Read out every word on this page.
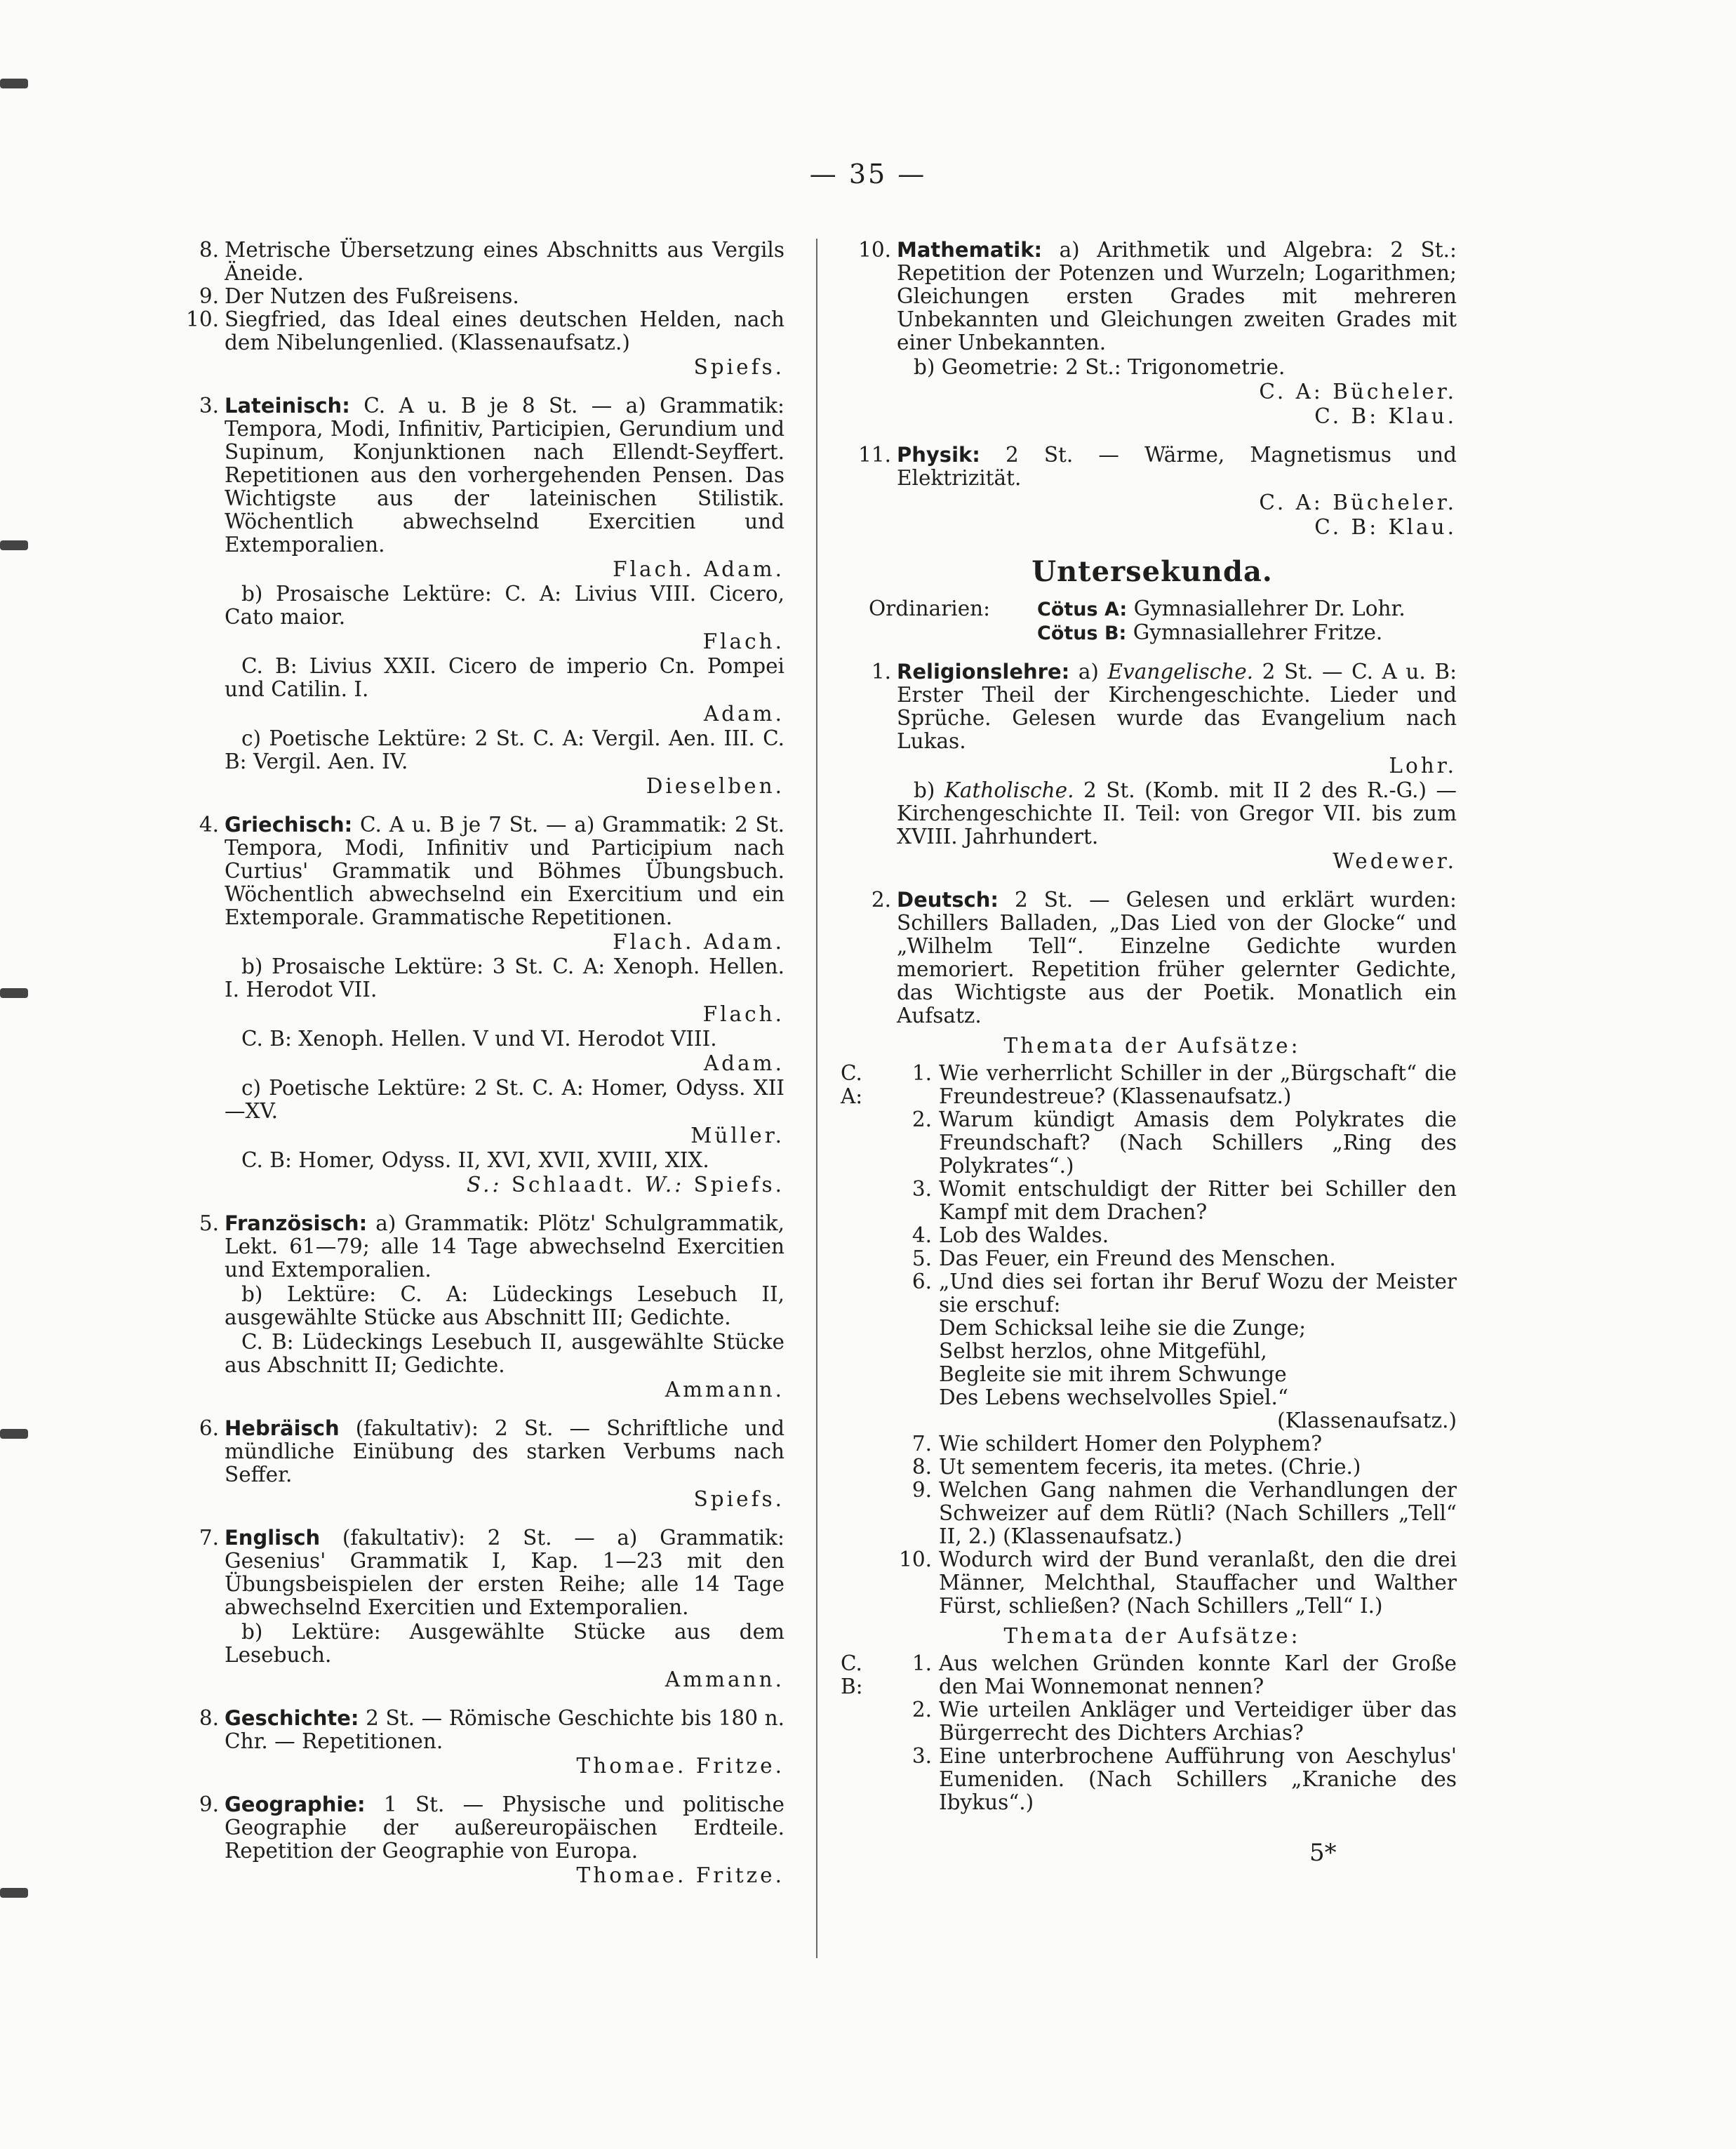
— 35 —
8. Metrische Übersetzung eines Abschnitts aus Vergils Äneide.
9. Der Nutzen des Fußreisens.
10. Siegfried, das Ideal eines deutschen Helden, nach dem Nibelungenlied. (Klassenaufsatz.)
Spiefs.
3. Lateinisch: C. A u. B je 8 St. — a) Grammatik: Tempora, Modi, Infinitiv, Participien, Gerundium und Supinum, Konjunktionen nach Ellendt-Seyffert. Repetitionen aus den vorhergehenden Pensen. Das Wichtigste aus der lateinischen Stilistik. Wöchentlich abwechselnd Exercitien und Extemporalien.
Flach. Adam.
b) Prosaische Lektüre: C. A: Livius VIII. Cicero, Cato maior.
Flach.
C. B: Livius XXII. Cicero de imperio Cn. Pompei und Catilin. I.
Adam.
c) Poetische Lektüre: 2 St. C. A: Vergil. Aen. III. C. B: Vergil. Aen. IV.
Dieselben.
4. Griechisch: C. A u. B je 7 St. — a) Grammatik: 2 St. Tempora, Modi, Infinitiv und Participium nach Curtius' Grammatik und Böhmes Übungsbuch. Wöchentlich abwechselnd ein Exercitium und ein Extemporale. Grammatische Repetitionen.
Flach. Adam.
b) Prosaische Lektüre: 3 St. C. A: Xenoph. Hellen. I. Herodot VII.
Flach.
C. B: Xenoph. Hellen. V und VI. Herodot VIII.
Adam.
c) Poetische Lektüre: 2 St. C. A: Homer, Odyss. XII—XV.
Müller.
C. B: Homer, Odyss. II, XVI, XVII, XVIII, XIX.
S.: Schlaadt. W.: Spiefs.
5. Französisch: a) Grammatik: Plötz' Schulgrammatik, Lekt. 61—79; alle 14 Tage abwechselnd Exercitien und Extemporalien.
b) Lektüre: C. A: Lüdeckings Lesebuch II, ausgewählte Stücke aus Abschnitt III; Gedichte.
C. B: Lüdeckings Lesebuch II, ausgewählte Stücke aus Abschnitt II; Gedichte.
Ammann.
6. Hebräisch (fakultativ): 2 St. — Schriftliche und mündliche Einübung des starken Verbums nach Seffer.
Spiefs.
7. Englisch (fakultativ): 2 St. — a) Grammatik: Gesenius' Grammatik I, Kap. 1—23 mit den Übungsbeispielen der ersten Reihe; alle 14 Tage abwechselnd Exercitien und Extemporalien.
b) Lektüre: Ausgewählte Stücke aus dem Lesebuch.
Ammann.
8. Geschichte: 2 St. — Römische Geschichte bis 180 n. Chr. — Repetitionen.
Thomae. Fritze.
9. Geographie: 1 St. — Physische und politische Geographie der außereuropäischen Erdteile. Repetition der Geographie von Europa.
Thomae. Fritze.
10. Mathematik: a) Arithmetik und Algebra: 2 St.: Repetition der Potenzen und Wurzeln; Logarithmen; Gleichungen ersten Grades mit mehreren Unbekannten und Gleichungen zweiten Grades mit einer Unbekannten.
b) Geometrie: 2 St.: Trigonometrie.
C. A: Bücheler.
C. B: Klau.
11. Physik: 2 St. — Wärme, Magnetismus und Elektrizität.
C. A: Bücheler.
C. B: Klau.
Untersekunda.
Ordinarien:	Cötus A: Gymnasiallehrer Dr. Lohr.
Cötus B: Gymnasiallehrer Fritze.
1. Religionslehre: a) Evangelische. 2 St. — C. A u. B: Erster Theil der Kirchengeschichte. Lieder und Sprüche. Gelesen wurde das Evangelium nach Lukas.
Lohr.
b) Katholische. 2 St. (Komb. mit II 2 des R.-G.) — Kirchengeschichte II. Teil: von Gregor VII. bis zum XVIII. Jahrhundert.
Wedewer.
2. Deutsch: 2 St. — Gelesen und erklärt wurden: Schillers Balladen, „Das Lied von der Glocke“ und „Wilhelm Tell“. Einzelne Gedichte wurden memoriert. Repetition früher gelernter Gedichte, das Wichtigste aus der Poetik. Monatlich ein Aufsatz.
Themata der Aufsätze:
C. A:
1. Wie verherrlicht Schiller in der „Bürgschaft“ die Freundestreue? (Klassenaufsatz.)
2. Warum kündigt Amasis dem Polykrates die Freundschaft? (Nach Schillers „Ring des Polykrates“.)
3. Womit entschuldigt der Ritter bei Schiller den Kampf mit dem Drachen?
4. Lob des Waldes.
5. Das Feuer, ein Freund des Menschen.
6. „Und dies sei fortan ihr Beruf Wozu der Meister sie erschuf:
Dem Schicksal leihe sie die Zunge;
Selbst herzlos, ohne Mitgefühl,
Begleite sie mit ihrem Schwunge
Des Lebens wechselvolles Spiel.“
(Klassenaufsatz.)
7. Wie schildert Homer den Polyphem?
8. Ut sementem feceris, ita metes. (Chrie.)
9. Welchen Gang nahmen die Verhandlungen der Schweizer auf dem Rütli? (Nach Schillers „Tell“ II, 2.) (Klassenaufsatz.)
10. Wodurch wird der Bund veranlaßt, den die drei Männer, Melchthal, Stauffacher und Walther Fürst, schließen? (Nach Schillers „Tell“ I.)
Themata der Aufsätze:
C. B:
1. Aus welchen Gründen konnte Karl der Große den Mai Wonnemonat nennen?
2. Wie urteilen Ankläger und Verteidiger über das Bürgerrecht des Dichters Archias?
3. Eine unterbrochene Aufführung von Aeschylus' Eumeniden. (Nach Schillers „Kraniche des Ibykus“.)
5*
